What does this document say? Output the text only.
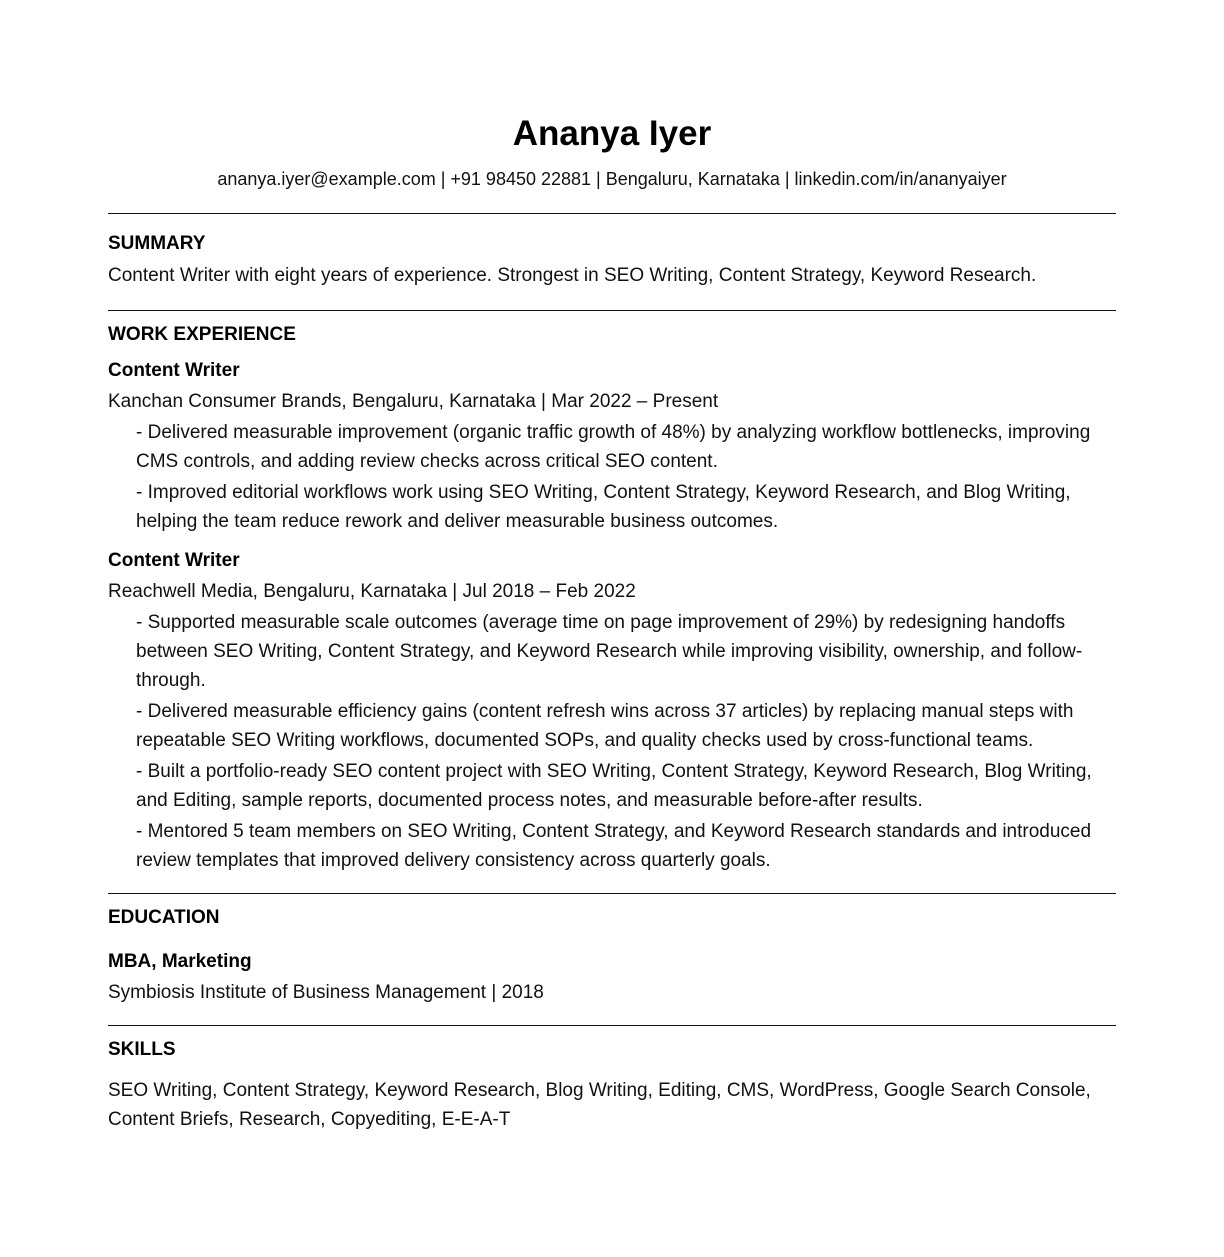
Ananya Iyer
ananya.iyer@example.com | +91 98450 22881 | Bengaluru, Karnataka | linkedin.com/in/ananyaiyer
SUMMARY
Content Writer with eight years of experience. Strongest in SEO Writing, Content Strategy, Keyword Research.
WORK EXPERIENCE
Content Writer
Kanchan Consumer Brands, Bengaluru, Karnataka | Mar 2022 – Present
- Delivered measurable improvement (organic traffic growth of 48%) by analyzing workflow bottlenecks, improving CMS controls, and adding review checks across critical SEO content.
- Improved editorial workflows work using SEO Writing, Content Strategy, Keyword Research, and Blog Writing, helping the team reduce rework and deliver measurable business outcomes.
Content Writer
Reachwell Media, Bengaluru, Karnataka | Jul 2018 – Feb 2022
- Supported measurable scale outcomes (average time on page improvement of 29%) by redesigning handoffs between SEO Writing, Content Strategy, and Keyword Research while improving visibility, ownership, and follow-through.
- Delivered measurable efficiency gains (content refresh wins across 37 articles) by replacing manual steps with repeatable SEO Writing workflows, documented SOPs, and quality checks used by cross-functional teams.
- Built a portfolio-ready SEO content project with SEO Writing, Content Strategy, Keyword Research, Blog Writing, and Editing, sample reports, documented process notes, and measurable before-after results.
- Mentored 5 team members on SEO Writing, Content Strategy, and Keyword Research standards and introduced review templates that improved delivery consistency across quarterly goals.
EDUCATION
MBA, Marketing
Symbiosis Institute of Business Management | 2018
SKILLS
SEO Writing, Content Strategy, Keyword Research, Blog Writing, Editing, CMS, WordPress, Google Search Console, Content Briefs, Research, Copyediting, E-E-A-T
